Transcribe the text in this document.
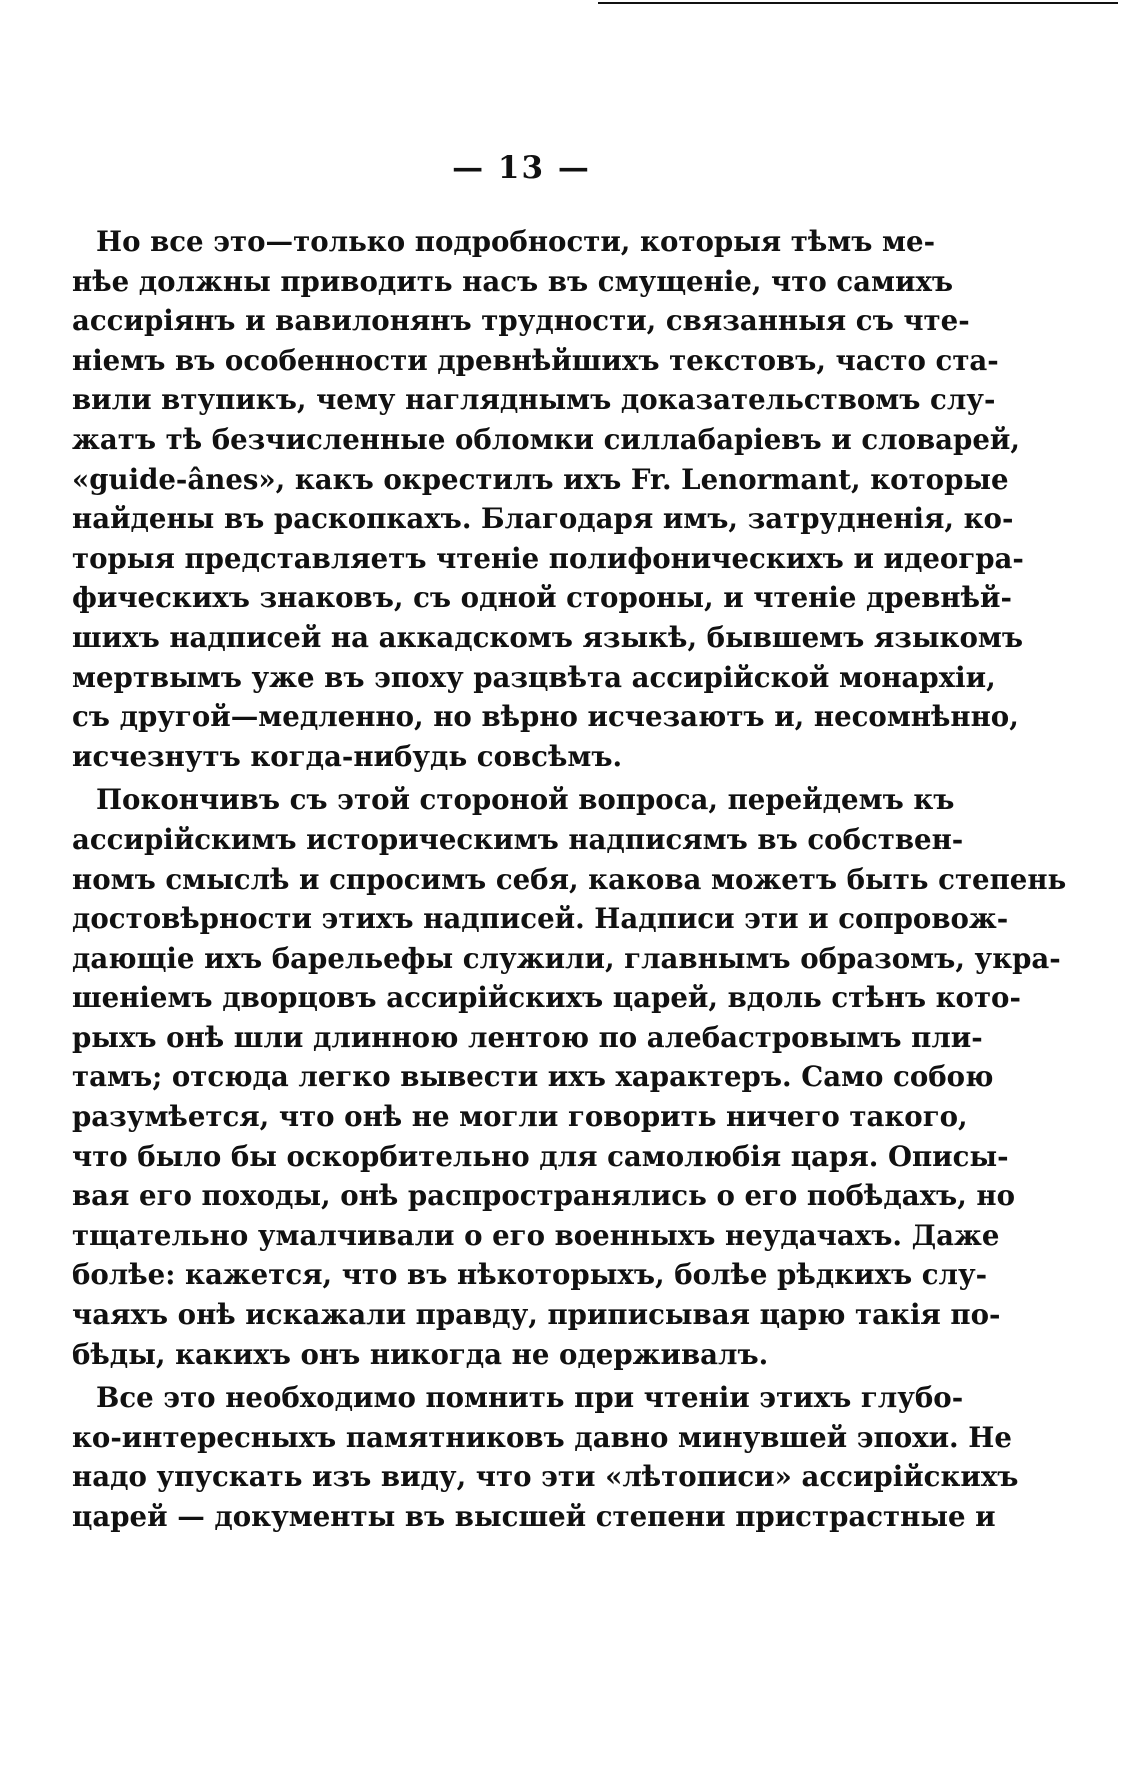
— 13 —

Но все это—только подробности, которыя тѣмъ ме-
нѣе должны приводить насъ въ смущеніе, что самихъ
ассиріянъ и вавилонянъ трудности, связанныя съ чте-
ніемъ въ особенности древнѣйшихъ текстовъ, часто ста-
вили втупикъ, чему нагляднымъ доказательствомъ слу-
жатъ тѣ безчисленные обломки силлабаріевъ и словарей,
«guide-ânes», какъ окрестилъ ихъ Fr. Lenormant, которые
найдены въ раскопкахъ. Благодаря имъ, затрудненія, ко-
торыя представляетъ чтеніе полифоническихъ и идеогра-
фическихъ знаковъ, съ одной стороны, и чтеніе древнѣй-
шихъ надписей на аккадскомъ языкѣ, бывшемъ языкомъ
мертвымъ уже въ эпоху разцвѣта ассирійской монархіи,
съ другой—медленно, но вѣрно исчезаютъ и, несомнѣнно,
исчезнутъ когда-нибудь совсѣмъ.

Покончивъ съ этой стороной вопроса, перейдемъ къ
ассирійскимъ историческимъ надписямъ въ собствен-
номъ смыслѣ и спросимъ себя, какова можетъ быть степень
достовѣрности этихъ надписей. Надписи эти и сопровож-
дающіе ихъ барельефы служили, главнымъ образомъ, укра-
шеніемъ дворцовъ ассирійскихъ царей, вдоль стѣнъ кото-
рыхъ онѣ шли длинною лентою по алебастровымъ пли-
тамъ; отсюда легко вывести ихъ характеръ. Само собою
разумѣется, что онѣ не могли говорить ничего такого,
что было бы оскорбительно для самолюбія царя. Описы-
вая его походы, онѣ распространялись о его побѣдахъ, но
тщательно умалчивали о его военныхъ неудачахъ. Даже
болѣе: кажется, что въ нѣкоторыхъ, болѣе рѣдкихъ слу-
чаяхъ онѣ искажали правду, приписывая царю такія по-
бѣды, какихъ онъ никогда не одерживалъ.

Все это необходимо помнить при чтеніи этихъ глубо-
ко-интересныхъ памятниковъ давно минувшей эпохи. Не
надо упускать изъ виду, что эти «лѣтописи» ассирійскихъ
царей — документы въ высшей степени пристрастные и
